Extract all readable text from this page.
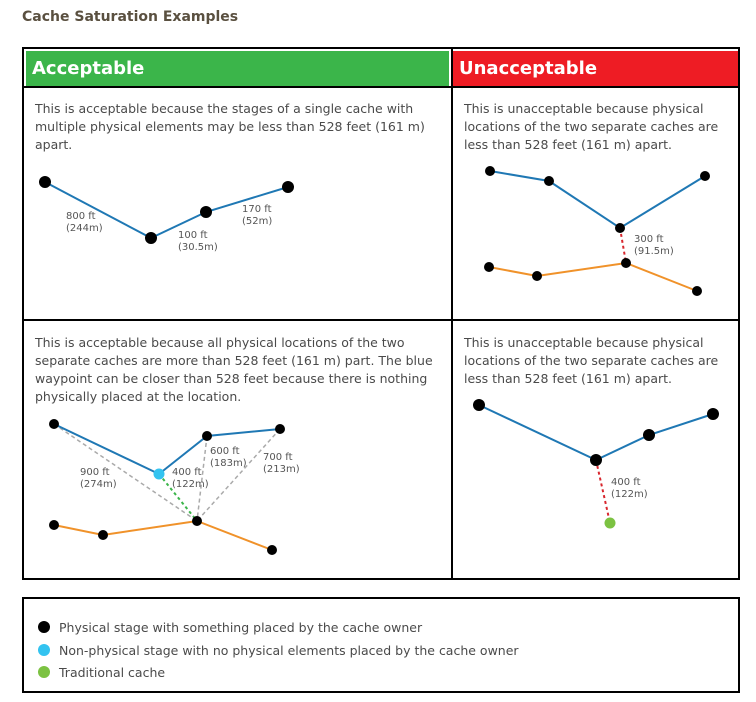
Cache Saturation Examples
Acceptable	Unacceptable
This is acceptable because the stages of a single cache with multiple physical elements may be less than 528 feet (161 m) apart.
800 ft
(244m)
100 ft
(30.5m)
170 ft
(52m)
This is unacceptable because physical locations of the two separate caches are less than 528 feet (161 m) apart.
300 ft
(91.5m)
This is acceptable because all physical locations of the two separate caches are more than 528 feet (161 m) part. The blue waypoint can be closer than 528 feet because there is nothing physically placed at the location.
900 ft
(274m)
400 ft
(122m)
600 ft
(183m)
700 ft
(213m)
This is unacceptable because physical locations of the two separate caches are less than 528 feet (161 m) apart.
400 ft
(122m)
Physical stage with something placed by the cache owner
Non-physical stage with no physical elements placed by the cache owner
Traditional cache
